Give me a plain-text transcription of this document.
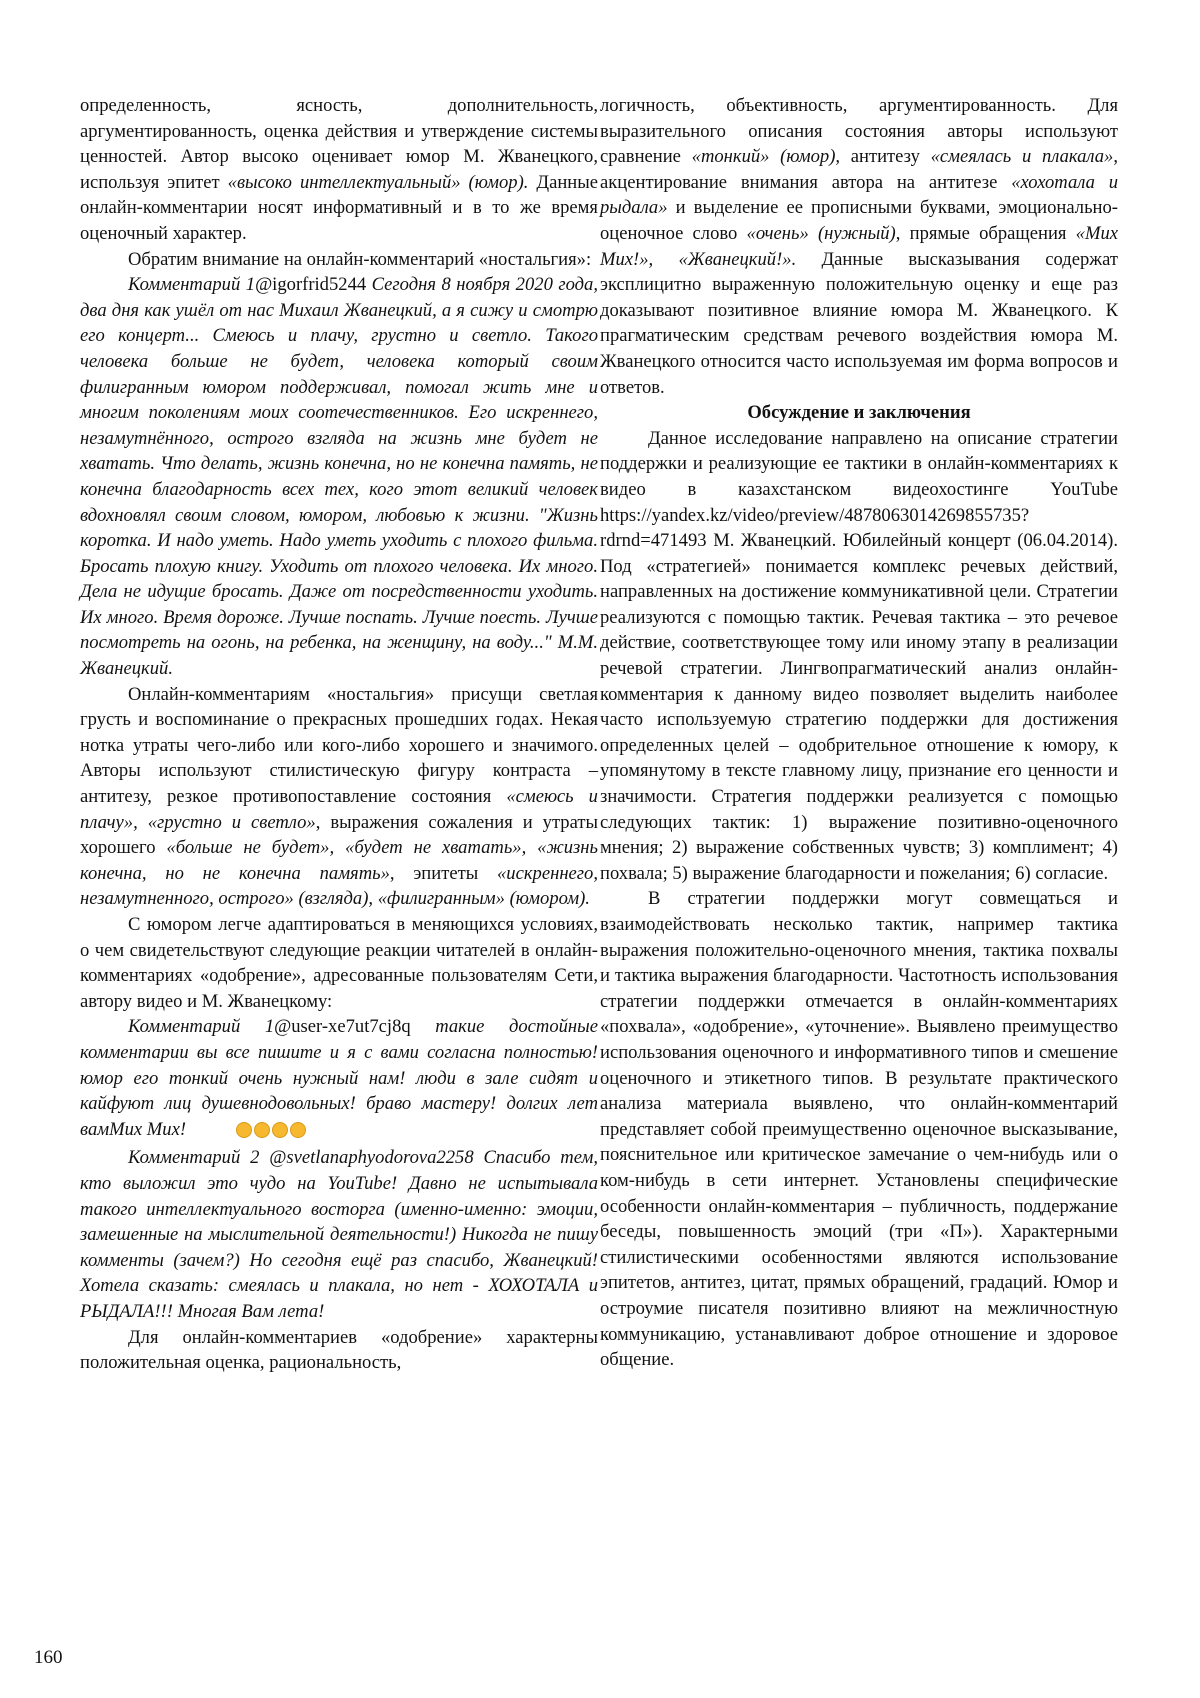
определенность, ясность, дополнительность, аргументированность, оценка действия и утверждение системы ценностей. Автор высоко оценивает юмор М. Жванецкого, используя эпитет «высоко интеллектуальный» (юмор). Данные онлайн-комментарии носят информативный и в то же время оценочный характер.

Обратим внимание на онлайн-комментарий «ностальгия»:

Комментарий 1@igorfrid5244 Сегодня 8 ноября 2020 года, два дня как ушёл от нас Михаил Жванецкий, а я сижу и смотрю его концерт... Смеюсь и плачу, грустно и светло. Такого человека больше не будет, человека который своим филигранным юмором поддерживал, помогал жить мне и многим поколениям моих соотечественников. Его искреннего, незамутнённого, острого взгляда на жизнь мне будет не хватать. Что делать, жизнь конечна, но не конечна память, не конечна благодарность всех тех, кого этот великий человек вдохновлял своим словом, юмором, любовью к жизни. "Жизнь коротка. И надо уметь. Надо уметь уходить с плохого фильма. Бросать плохую книгу. Уходить от плохого человека. Их много. Дела не идущие бросать. Даже от посредственности уходить. Их много. Время дороже. Лучше поспать. Лучше поесть. Лучше посмотреть на огонь, на ребенка, на женщину, на воду..." М.М. Жванецкий.

Онлайн-комментариям «ностальгия» присущи светлая грусть и воспоминание о прекрасных прошедших годах. Некая нотка утраты чего-либо или кого-либо хорошего и значимого. Авторы используют стилистическую фигуру контраста – антитезу, резкое противопоставление состояния «смеюсь и плачу», «грустно и светло», выражения сожаления и утраты хорошего «больше не будет», «будет не хватать», «жизнь конечна, но не конечна память», эпитеты «искреннего, незамутненного, острого» (взгляда), «филигранным» (юмором).

С юмором легче адаптироваться в меняющихся условиях, о чем свидетельствуют следующие реакции читателей в онлайн-комментариях «одобрение», адресованные пользователям Сети, автору видео и М. Жванецкому:

Комментарий 1@user-xe7ut7cj8q такие достойные комментарии вы все пишите и я с вами согласна полностью! юмор его тонкий очень нужный нам! люди в зале сидят и кайфуют лиц душевнодовольных! браво мастеру! долгих лет вамМих Мих!

Комментарий 2 @svetlanaphyodorova2258 Спасибо тем, кто выложил это чудо на YouTube! Давно не испытывала такого интеллектуального восторга (именно-именно: эмоции, замешенные на мыслительной деятельности!) Никогда не пишу комменты (зачем?) Но сегодня ещё раз спасибо, Жванецкий! Хотела сказать: смеялась и плакала, но нет - ХОХОТАЛА и РЫДАЛА!!! Многая Вам лета!

Для онлайн-комментариев «одобрение» характерны положительная оценка, рациональность,

логичность, объективность, аргументированность. Для выразительного описания состояния авторы используют сравнение «тонкий» (юмор), антитезу «смеялась и плакала», акцентирование внимания автора на антитезе «хохотала и рыдала» и выделение ее прописными буквами, эмоционально-оценочное слово «очень» (нужный), прямые обращения «Мих Мих!», «Жванецкий!». Данные высказывания содержат эксплицитно выраженную положительную оценку и еще раз доказывают позитивное влияние юмора М. Жванецкого. К прагматическим средствам речевого воздействия юмора М. Жванецкого относится часто используемая им форма вопросов и ответов.

Обсуждение и заключения

Данное исследование направлено на описание стратегии поддержки и реализующие ее тактики в онлайн-комментариях к видео в казахстанском видеохостинге YouTube https://yandex.kz/video/preview/4878063014269855735?rdrnd=471493 М. Жванецкий. Юбилейный концерт (06.04.2014). Под «стратегией» понимается комплекс речевых действий, направленных на достижение коммуникативной цели. Стратегии реализуются с помощью тактик. Речевая тактика – это речевое действие, соответствующее тому или иному этапу в реализации речевой стратегии. Лингвопрагматический анализ онлайн-комментария к данному видео позволяет выделить наиболее часто используемую стратегию поддержки для достижения определенных целей – одобрительное отношение к юмору, к упомянутому в тексте главному лицу, признание его ценности и значимости. Стратегия поддержки реализуется с помощью следующих тактик: 1) выражение позитивно-оценочного мнения; 2) выражение собственных чувств; 3) комплимент; 4) похвала; 5) выражение благодарности и пожелания; 6) согласие.

В стратегии поддержки могут совмещаться и взаимодействовать несколько тактик, например тактика выражения положительно-оценочного мнения, тактика похвалы и тактика выражения благодарности. Частотность использования стратегии поддержки отмечается в онлайн-комментариях «похвала», «одобрение», «уточнение». Выявлено преимущество использования оценочного и информативного типов и смешение оценочного и этикетного типов. В результате практического анализа материала выявлено, что онлайн-комментарий представляет собой преимущественно оценочное высказывание, пояснительное или критическое замечание о чем-нибудь или о ком-нибудь в сети интернет. Установлены специфические особенности онлайн-комментария – публичность, поддержание беседы, повышенность эмоций (три «П»). Характерными стилистическими особенностями являются использование эпитетов, антитез, цитат, прямых обращений, градаций. Юмор и остроумие писателя позитивно влияют на межличностную коммуникацию, устанавливают доброе отношение и здоровое общение.

160
